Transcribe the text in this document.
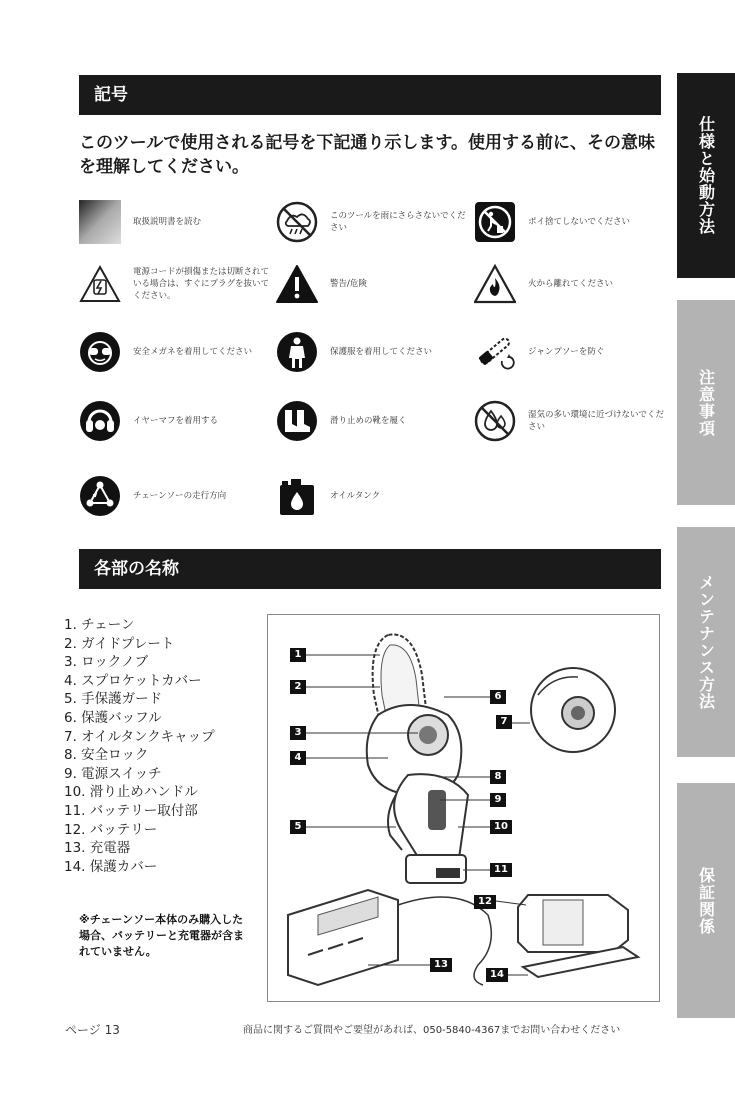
記号
このツールで使用される記号を下記通り示します。使用する前に、その意味を理解してください。
取扱説明書を読む
このツールを雨にさらさないでください
ポイ捨てしないでください
電源コードが損傷または切断されている場合は、すぐにプラグを抜いてください。
警告/危険	火から離れてください
安全メガネを着用してください	保護服を着用してください	ジャンプソーを防ぐ
イヤーマフを着用する	滑り止めの靴を履く
湿気の多い環境に近づけないでください
チェーンソーの走行方向	オイルタンク
各部の名称
1. チェーン
2. ガイドプレート
3. ロックノブ
4. スプロケットカバー
5. 手保護ガード
6. 保護バッフル
7. オイルタンクキャップ
8. 安全ロック
9. 電源スイッチ
10. 滑り止めハンドル
11. バッテリー取付部
12. バッテリー
13. 充電器
14. 保護カバー
※チェーンソー本体のみ購入した場合、バッテリーと充電器が含まれていません。
1
2
3
4
5
6
7
8
9
10
11
12
13
14
ページ 13	商品に関するご質問やご要望があれば、050-5840-4367までお問い合わせください
仕様と始動方法
注意事項
メンテナンス方法
保証関係
